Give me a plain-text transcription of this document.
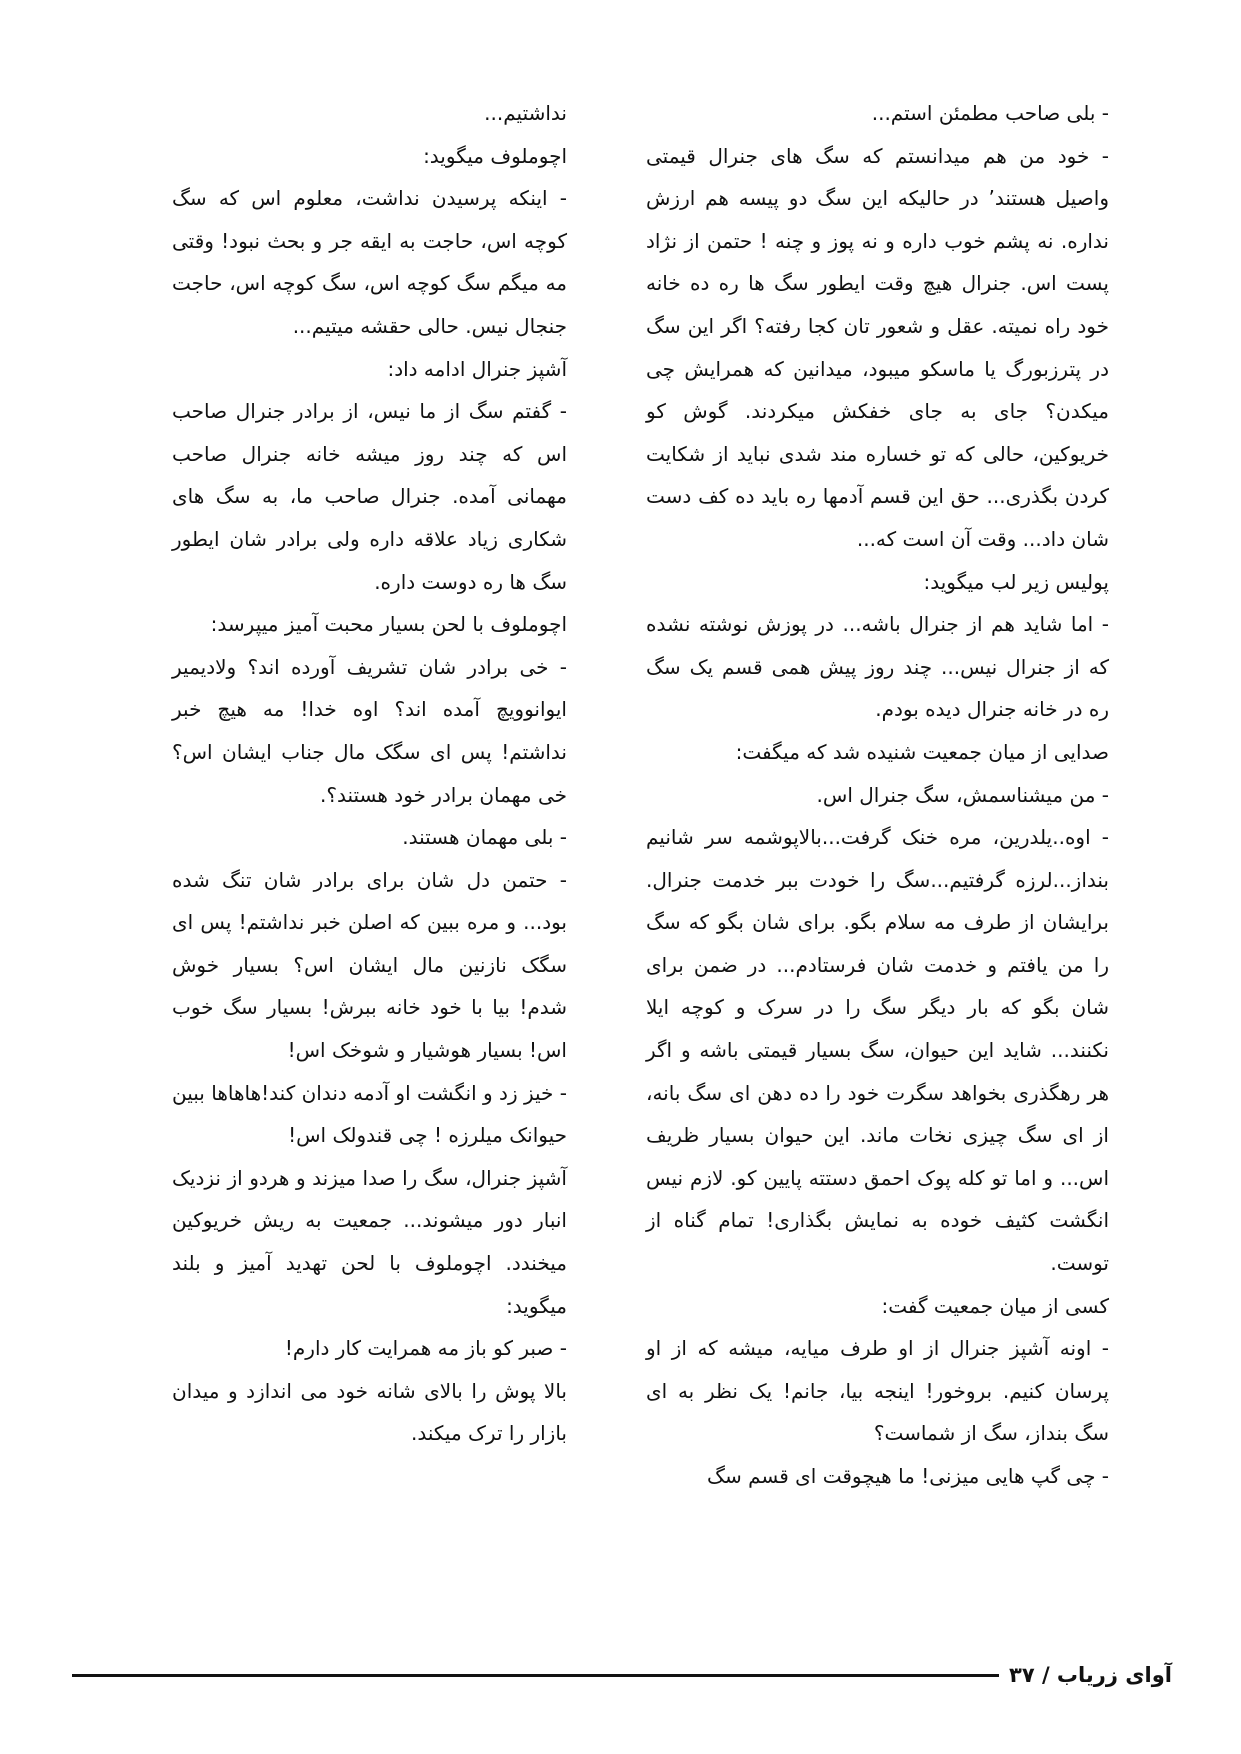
- بلی صاحب مطمئن استم...

- خود من هم میدانستم که سگ های جنرال قیمتی واصیل هستند’ در حالیکه این سگ دو پیسه هم ارزش نداره. نه پشم خوب داره و نه پوز و چنه ! حتمن از نژاد پست اس. جنرال هیچ وقت ایطور سگ ها ره ده خانه خود راه نمیته. عقل و شعور تان کجا رفته؟ اگر این سگ در پترزبورگ یا ماسکو میبود، میدانین که همرایش چی میکدن؟ جای به جای خفکش میکردند. گوش کو خریوکین، حالی که تو خساره مند شدی نباید از شکایت کردن بگذری... حق این قسم آدمها ره باید ده کف دست شان داد... وقت آن است که...

پولیس زیر لب میگوید:

- اما شاید هم از جنرال باشه... در پوزش نوشته نشده که از جنرال نیس... چند روز پیش همی قسم یک سگ ره در خانه جنرال دیده بودم.

صدایی از میان جمعیت شنیده شد که میگفت:

- من میشناسمش، سگ جنرال اس.

- اوه..یلدرین، مره خنک گرفت...بالاپوشمه سر شانیم بنداز...لرزه گرفتیم...سگ را خودت ببر خدمت جنرال. برایشان از طرف مه سلام بگو. برای شان بگو که سگ را من یافتم و خدمت شان فرستادم... در ضمن برای شان بگو که بار دیگر سگ را در سرک و کوچه ایلا نکنند... شاید این حیوان، سگ بسیار قیمتی باشه و اگر هر رهگذری بخواهد سگرت خود را ده دهن ای سگ بانه، از ای سگ چیزی نخات ماند. این حیوان بسیار ظریف اس... و اما تو کله پوک احمق دستته پایین کو. لازم نیس انگشت کثیف خوده به نمایش بگذاری! تمام گناه از توست.

کسی از میان جمعیت گفت:

- اونه آشپز جنرال از او طرف میایه، میشه که از او پرسان کنیم. بروخور! اینجه بیا، جانم! یک نظر به ای سگ بنداز، سگ از شماست؟

- چی گپ هایی میزنی! ما هیچوقت ای قسم سگ

نداشتیم...

اچوملوف میگوید:

- اینکه پرسیدن نداشت، معلوم اس که سگ کوچه اس، حاجت به ایقه جر و بحث نبود! وقتی مه میگم سگ کوچه اس، سگ کوچه اس، حاجت جنجال نیس. حالی حقشه میتیم...

آشپز جنرال ادامه داد:

- گفتم سگ از ما نیس، از برادر جنرال صاحب اس که چند روز میشه خانه جنرال صاحب مهمانی آمده. جنرال صاحب ما، به سگ های شکاری زیاد علاقه داره ولی برادر شان ایطور سگ ها ره دوست داره.

اچوملوف با لحن بسیار محبت آمیز میپرسد:

- خی برادر شان تشریف آورده اند؟ ولادیمیر ایوانوویچ آمده اند؟ اوه خدا! مه هیچ خبر نداشتم! پس ای سگک مال جناب ایشان اس؟ خی مهمان برادر خود هستند؟.

- بلی مهمان هستند.

- حتمن دل شان برای برادر شان تنگ شده بود... و مره ببین که اصلن خبر نداشتم! پس ای سگک نازنین مال ایشان اس؟ بسیار خوش شدم! بیا با خود خانه ببرش! بسیار سگ خوب اس! بسیار هوشیار و شوخک اس!

- خیز زد و انگشت او آدمه دندان کند!هاهاها ببین حیوانک میلرزه ! چی قندولک اس!

آشپز جنرال، سگ را صدا میزند و هردو از نزدیک انبار دور میشوند... جمعیت به ریش خریوکین میخندد. اچوملوف با لحن تهدید آمیز و بلند میگوید:

- صبر کو باز مه همرایت کار دارم!

بالا پوش را بالای شانه خود می اندازد و میدان بازار را ترک میکند.

آوای زریاب / ۳۷
